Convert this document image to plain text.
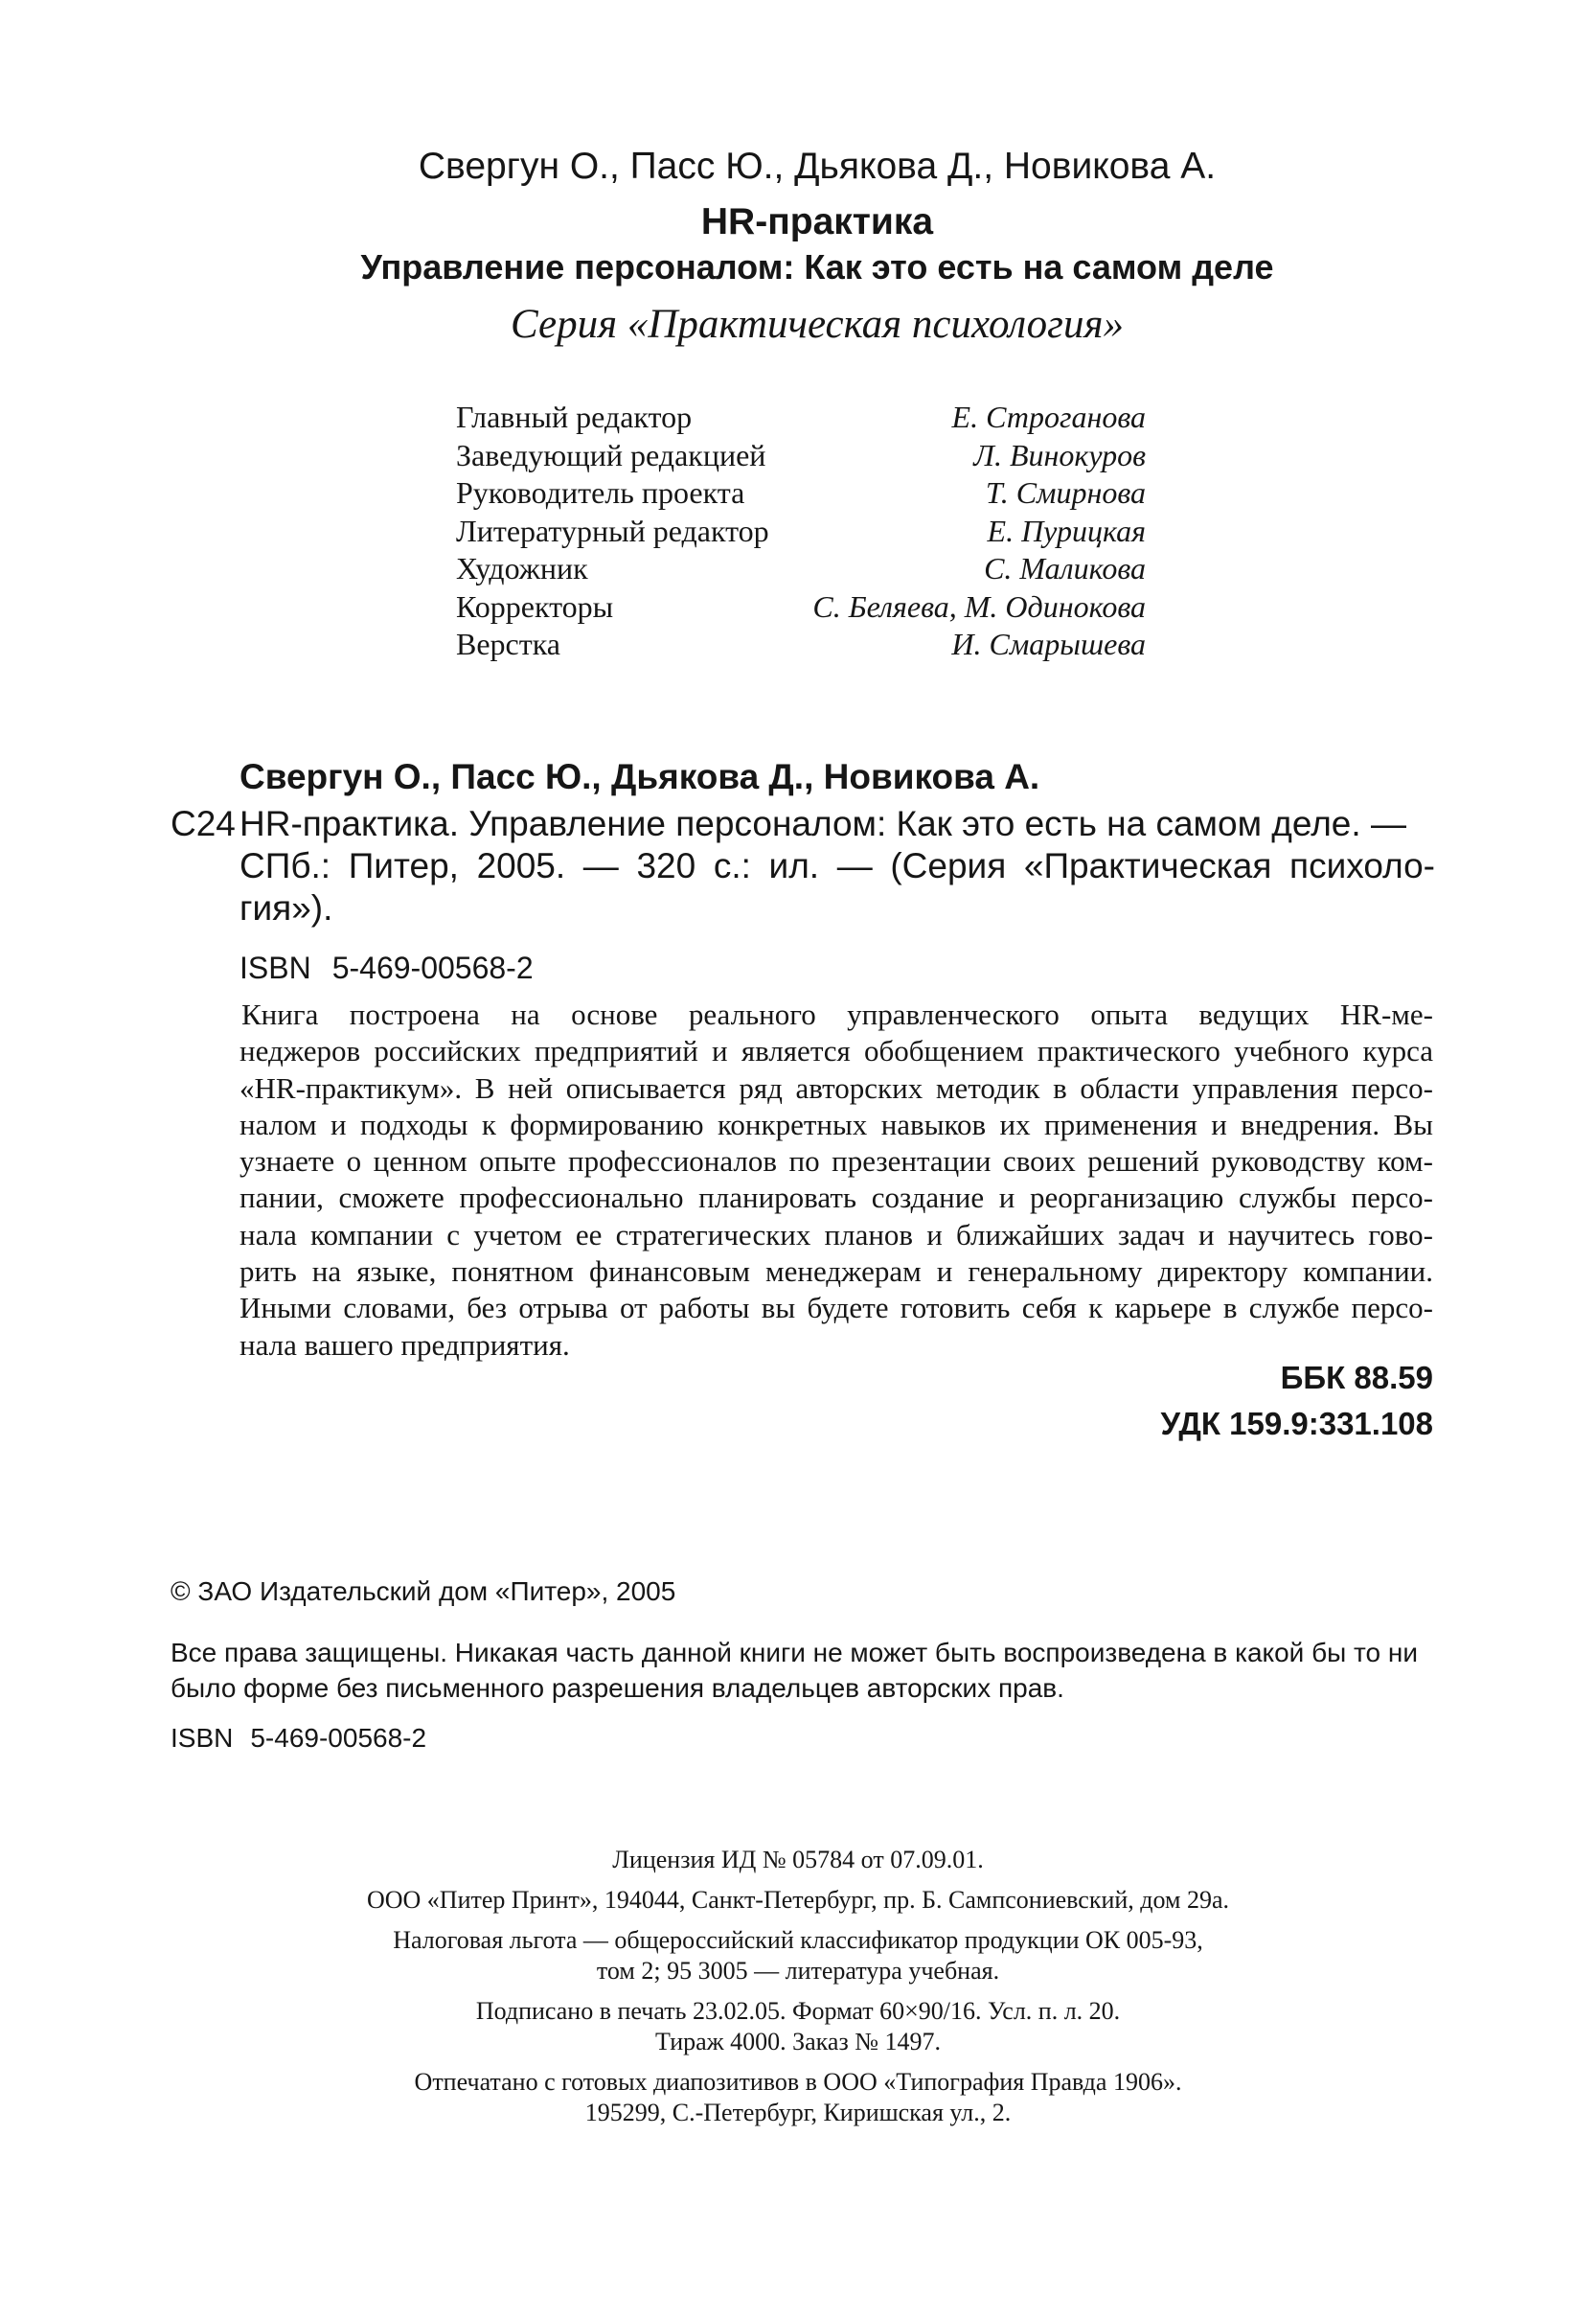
Свергун О., Пасс Ю., Дьякова Д., Новикова А.
HR-практика
Управление персоналом: Как это есть на самом деле
Серия «Практическая психология»
Главный редактор	Е. Строганова
Заведующий редакцией	Л. Винокуров
Руководитель проекта	Т. Смирнова
Литературный редактор	Е. Пурицкая
Художник	С. Маликова
Корректоры	С. Беляева, М. Одинокова
Верстка	И. Смарышева
Свергун О., Пасс Ю., Дьякова Д., Новикова А.
С24 HR-практика. Управление персоналом: Как это есть на самом деле. —
СПб.: Питер, 2005. — 320 с.: ил. — (Серия «Практическая психоло-
гия»).
ISBN 5-469-00568-2
Книга построена на основе реального управленческого опыта ведущих HR-ме-
неджеров российских предприятий и является обобщением практического учебного курса
«HR-практикум». В ней описывается ряд авторских методик в области управления персо-
налом и подходы к формированию конкретных навыков их применения и внедрения. Вы
узнаете о ценном опыте профессионалов по презентации своих решений руководству ком-
пании, сможете профессионально планировать создание и реорганизацию службы персо-
нала компании с учетом ее стратегических планов и ближайших задач и научитесь гово-
рить на языке, понятном финансовым менеджерам и генеральному директору компании.
Иными словами, без отрыва от работы вы будете готовить себя к карьере в службе персо-
нала вашего предприятия.
ББК 88.59
УДК 159.9:331.108
© ЗАО Издательский дом «Питер», 2005
Все права защищены. Никакая часть данной книги не может быть воспроизведена в какой бы то ни было форме без письменного разрешения владельцев авторских прав.
ISBN 5-469-00568-2
Лицензия ИД № 05784 от 07.09.01.
ООО «Питер Принт», 194044, Санкт-Петербург, пр. Б. Сампсониевский, дом 29а.
Налоговая льгота — общероссийский классификатор продукции ОК 005-93,
том 2; 95 3005 — литература учебная.
Подписано в печать 23.02.05. Формат 60×90/16. Усл. п. л. 20.
Тираж 4000. Заказ № 1497.
Отпечатано с готовых диапозитивов в ООО «Типография Правда 1906».
195299, С.-Петербург, Киришская ул., 2.
